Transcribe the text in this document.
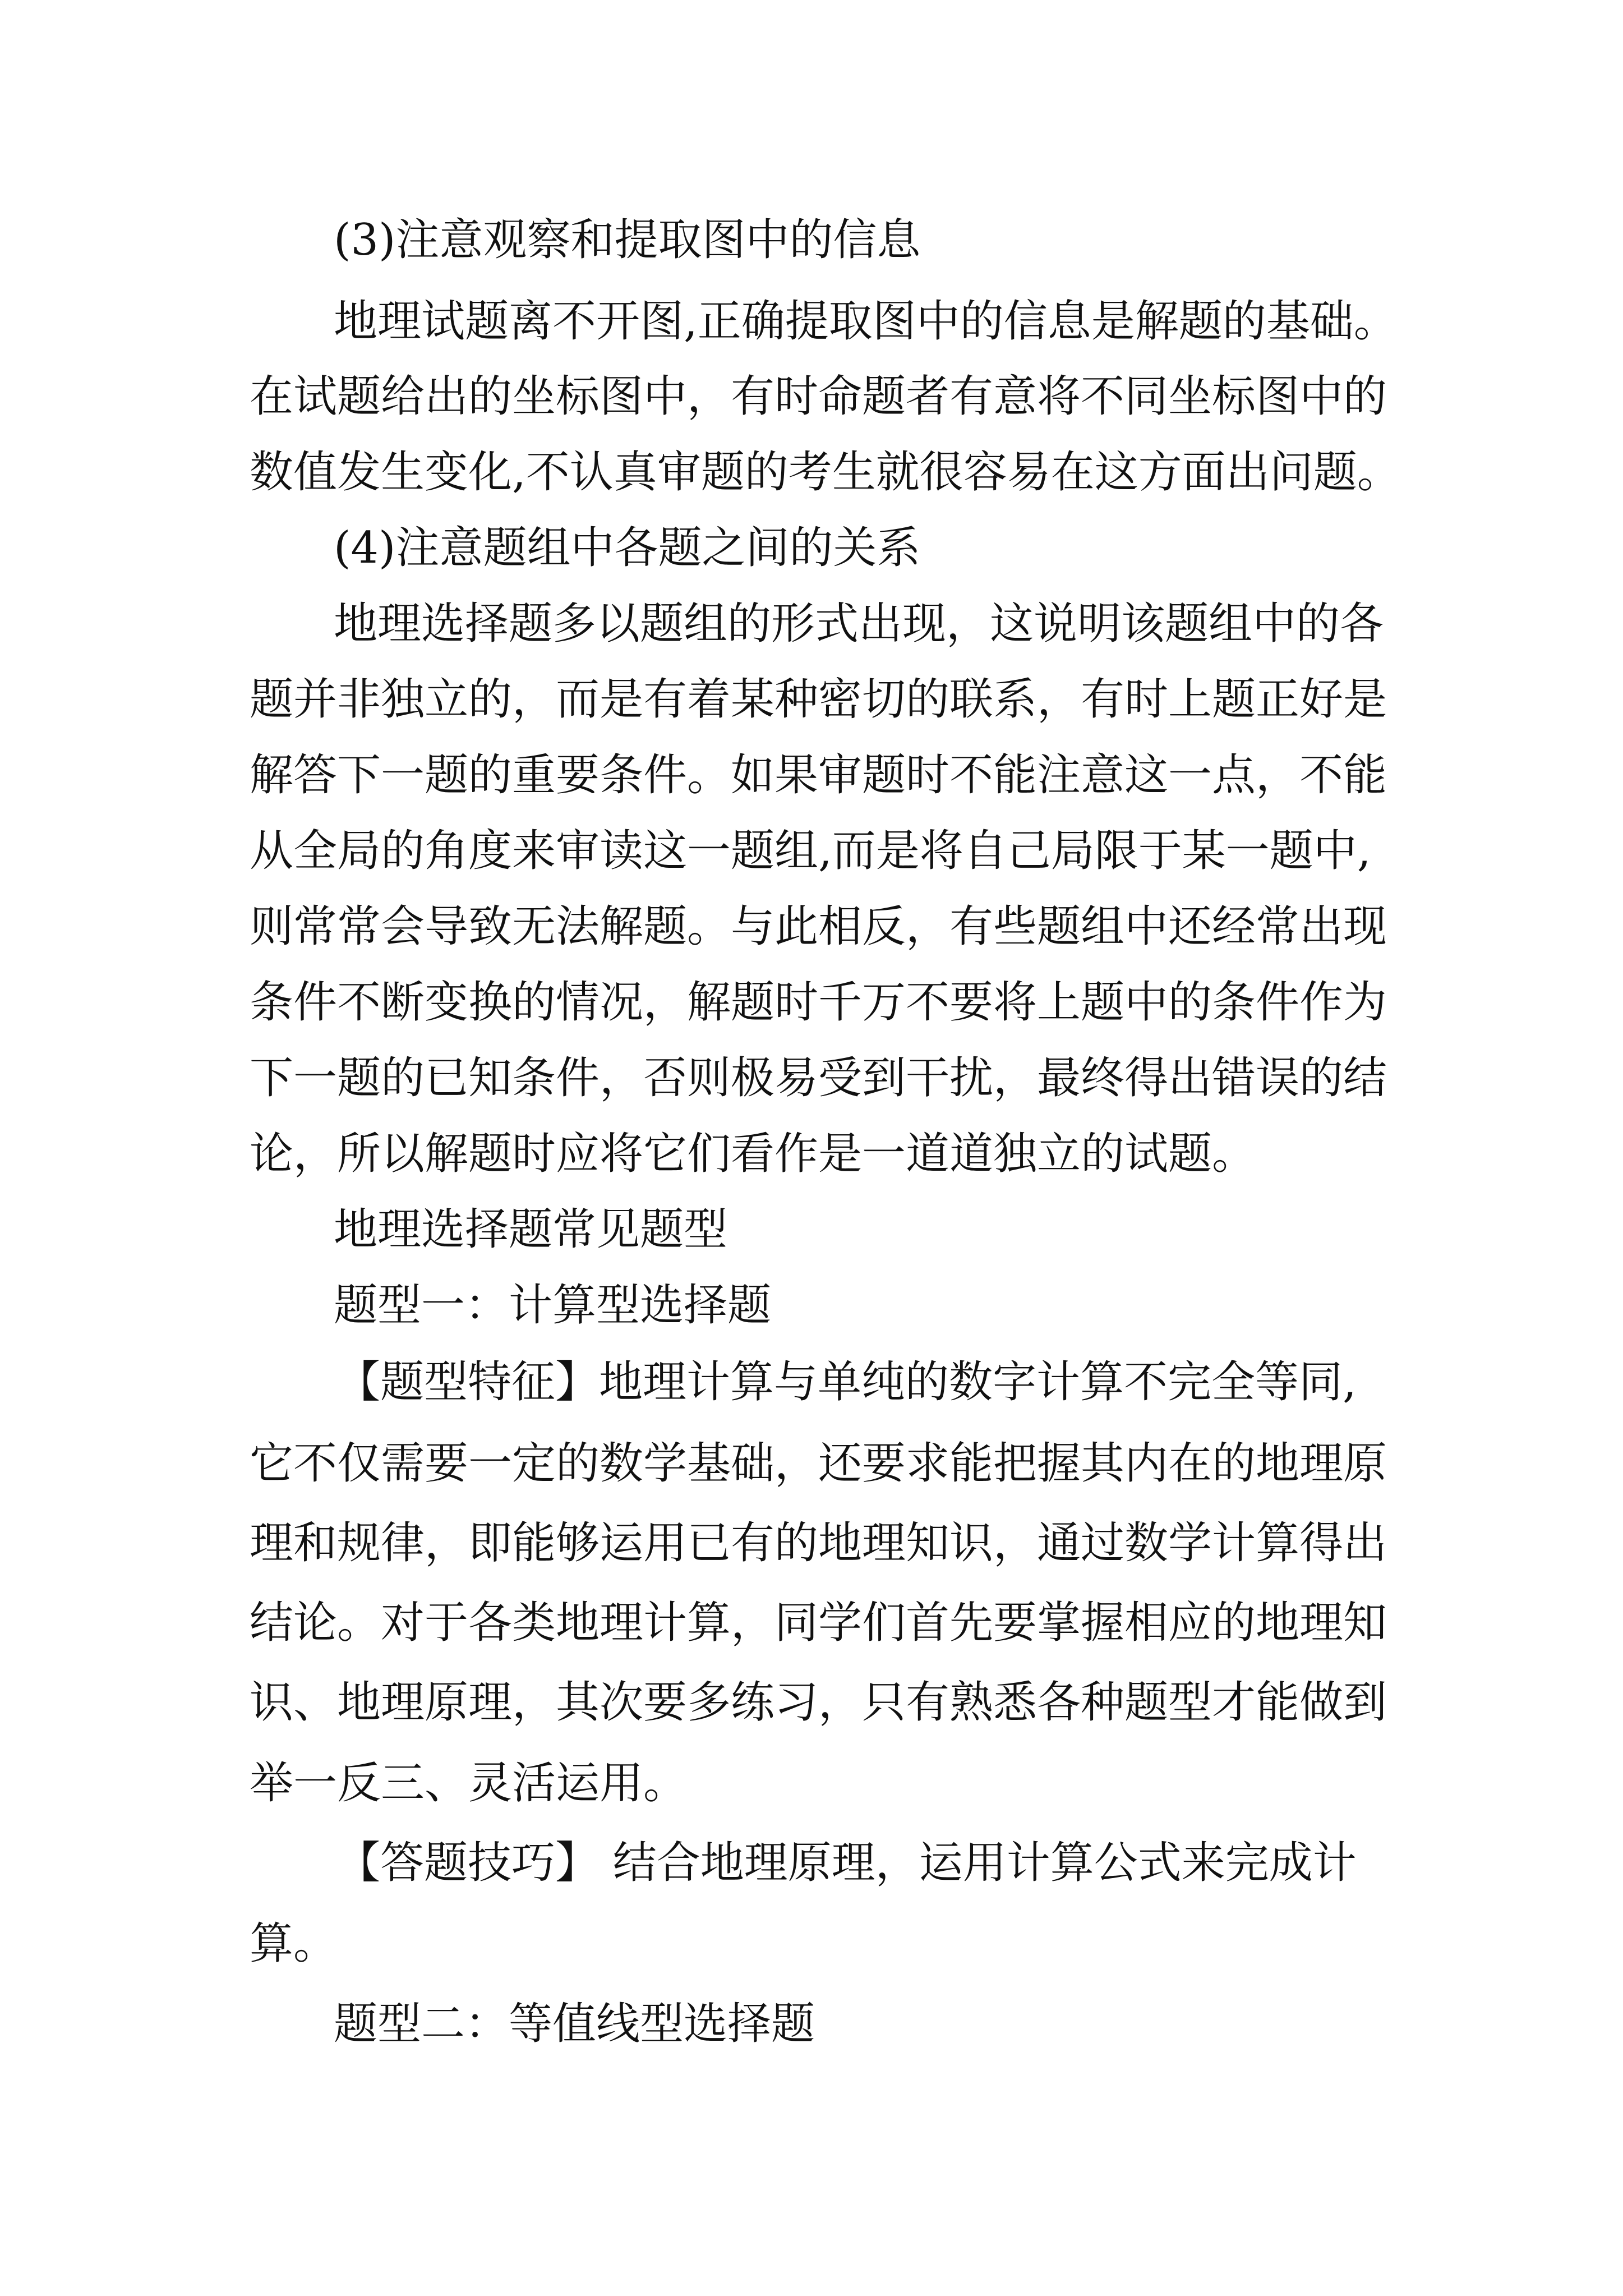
(3)注意观察和提取图中的信息

地理试题离不开图,正确提取图中的信息是解题的基础。

在试题给出的坐标图中，有时命题者有意将不同坐标图中的

数值发生变化,不认真审题的考生就很容易在这方面出问题。

(4)注意题组中各题之间的关系

地理选择题多以题组的形式出现，这说明该题组中的各

题并非独立的，而是有着某种密切的联系，有时上题正好是

解答下一题的重要条件。如果审题时不能注意这一点，不能

从全局的角度来审读这一题组,而是将自己局限于某一题中,

则常常会导致无法解题。与此相反，有些题组中还经常出现

条件不断变换的情况，解题时千万不要将上题中的条件作为

下一题的已知条件，否则极易受到干扰，最终得出错误的结

论，所以解题时应将它们看作是一道道独立的试题。

地理选择题常见题型

题型一：计算型选择题

【题型特征】地理计算与单纯的数字计算不完全等同,

它不仅需要一定的数学基础，还要求能把握其内在的地理原

理和规律，即能够运用已有的地理知识，通过数学计算得出

结论。对于各类地理计算，同学们首先要掌握相应的地理知

识、地理原理，其次要多练习，只有熟悉各种题型才能做到

举一反三、灵活运用。

【答题技巧】 结合地理原理，运用计算公式来完成计

算。

题型二：等值线型选择题
